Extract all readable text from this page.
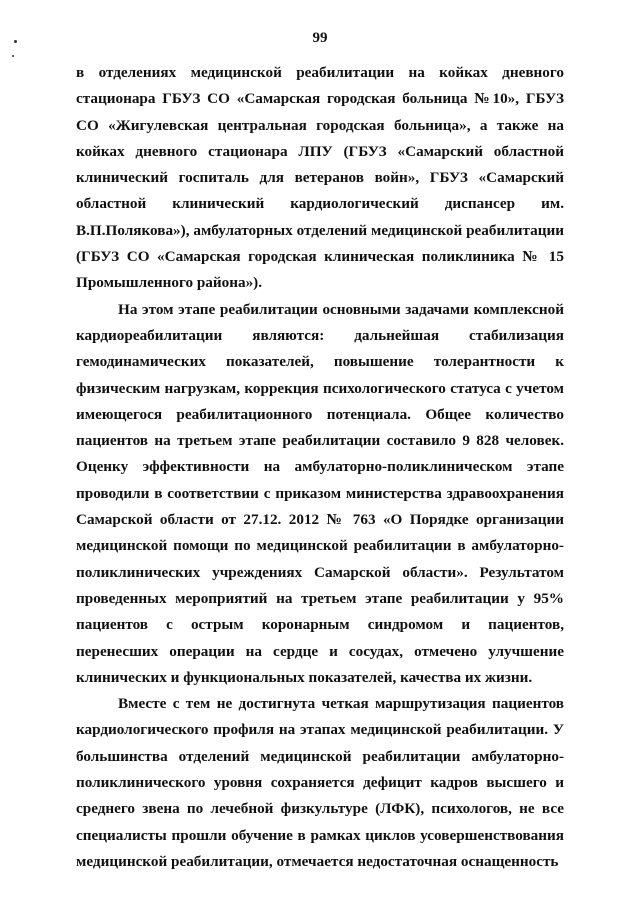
99

в отделениях медицинской реабилитации на койках дневного стационара ГБУЗ СО «Самарская городская больница №10», ГБУЗ СО «Жигулевская центральная городская больница», а также на койках дневного стационара ЛПУ (ГБУЗ «Самарский областной клинический госпиталь для ветеранов войн», ГБУЗ «Самарский областной клинический кардиологический диспансер им. В.П.Полякова»), амбулаторных отделений медицинской реабилитации (ГБУЗ СО «Самарская городская клиническая поликлиника № 15 Промышленного района»).

На этом этапе реабилитации основными задачами комплексной кардиореабилитации являются: дальнейшая стабилизация гемодинамических показателей, повышение толерантности к физическим нагрузкам, коррекция психологического статуса с учетом имеющегося реабилитационного потенциала. Общее количество пациентов на третьем этапе реабилитации составило 9 828 человек. Оценку эффективности на амбулаторно-поликлиническом этапе проводили в соответствии с приказом министерства здравоохранения Самарской области от 27.12. 2012 № 763 «О Порядке организации медицинской помощи по медицинской реабилитации в амбулаторно-поликлинических учреждениях Самарской области». Результатом проведенных мероприятий на третьем этапе реабилитации у 95% пациентов с острым коронарным синдромом и пациентов, перенесших операции на сердце и сосудах, отмечено улучшение клинических и функциональных показателей, качества их жизни.

Вместе с тем не достигнута четкая маршрутизация пациентов кардиологического профиля на этапах медицинской реабилитации. У большинства отделений медицинской реабилитации амбулаторно-поликлинического уровня сохраняется дефицит кадров высшего и среднего звена по лечебной физкультуре (ЛФК), психологов, не все специалисты прошли обучение в рамках циклов усовершенствования медицинской реабилитации, отмечается недостаточная оснащенность
